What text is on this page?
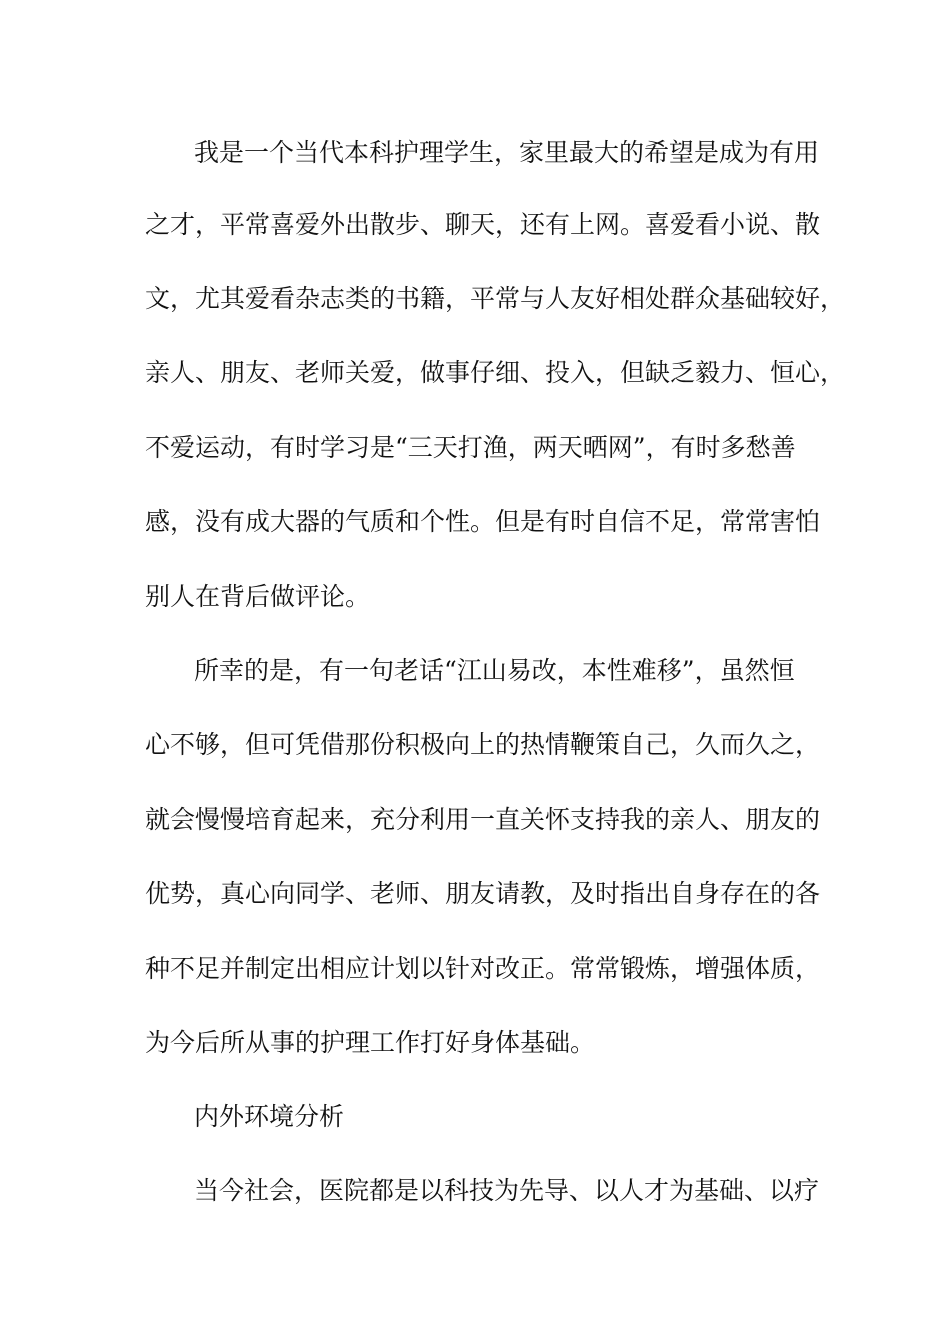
我是一个当代本科护理学生，家里最大的希望是成为有用
之才，平常喜爱外出散步、聊天，还有上网。喜爱看小说、散
文，尤其爱看杂志类的书籍，平常与人友好相处群众基础较好，
亲人、朋友、老师关爱，做事仔细、投入，但缺乏毅力、恒心，
不爱运动，有时学习是“三天打渔，两天晒网”，有时多愁善
感，没有成大器的气质和个性。但是有时自信不足，常常害怕
别人在背后做评论。
所幸的是，有一句老话“江山易改，本性难移”，虽然恒
心不够，但可凭借那份积极向上的热情鞭策自己，久而久之，
就会慢慢培育起来，充分利用一直关怀支持我的亲人、朋友的
优势，真心向同学、老师、朋友请教，及时指出自身存在的各
种不足并制定出相应计划以针对改正。常常锻炼，增强体质，
为今后所从事的护理工作打好身体基础。
内外环境分析
当今社会，医院都是以科技为先导、以人才为基础、以疗
